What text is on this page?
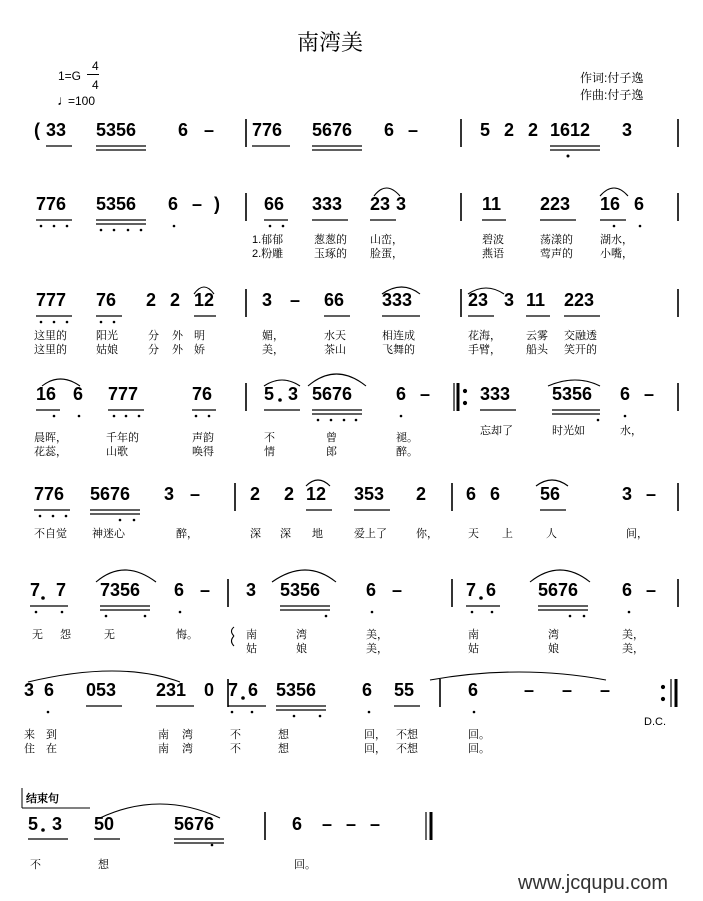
南湾美
1=G
4
4
♩
=100
作词:付子逸
作曲:付子逸
( 33 5356 6 – 776 5676 6 –	5 2 2 1612 3
776 5356 6 – ) 66 333 23 3	11 223 16 6
1.郁郁	葱葱的 山峦，	碧波	荡漾的 湖水，
2.粉雕	玉琢的 脸蛋，	燕语	莺声的 小嘴，
777 76 2 2 12	3 – 66 333	23 3 11 223
这里的	阳光	分 外 明	媚，	水天	相连成	花海， 云雾 交融透
这里的	姑娘	分 外 娇	美，	茶山	飞舞的	手臂， 船头 笑开的
16 6 777	76	5 3 5676 6 –	333 5356 6 –
晨晖，	千年的	声韵	不	曾	褪。
忘却了	时光如	水，
花蕊，	山歌	唤得	情	郎	醉。
776 5676 3 –	2 2 12 353 2 6 6 56	3 –
不自觉 神迷心	醉，	深 深 地	爱上了	你，	天 上	人	间，
7 7 7356 6 – 3 5356	6 –	7 6 5676 6 –
无 怨	无	悔。	南	湾	美，	南	湾	美，
姑	娘	美，	姑	娘	美，
3 6 053 231 0 7 6 5356	6 55	6	– – –
D.C.
来 到	南 湾	不	想	回， 不想	回。
住 在	南 湾	不	想	回， 不想	回。
结束句
5 3 50	5676	6 – – –
不	想	回。
www.jcqupu.com
